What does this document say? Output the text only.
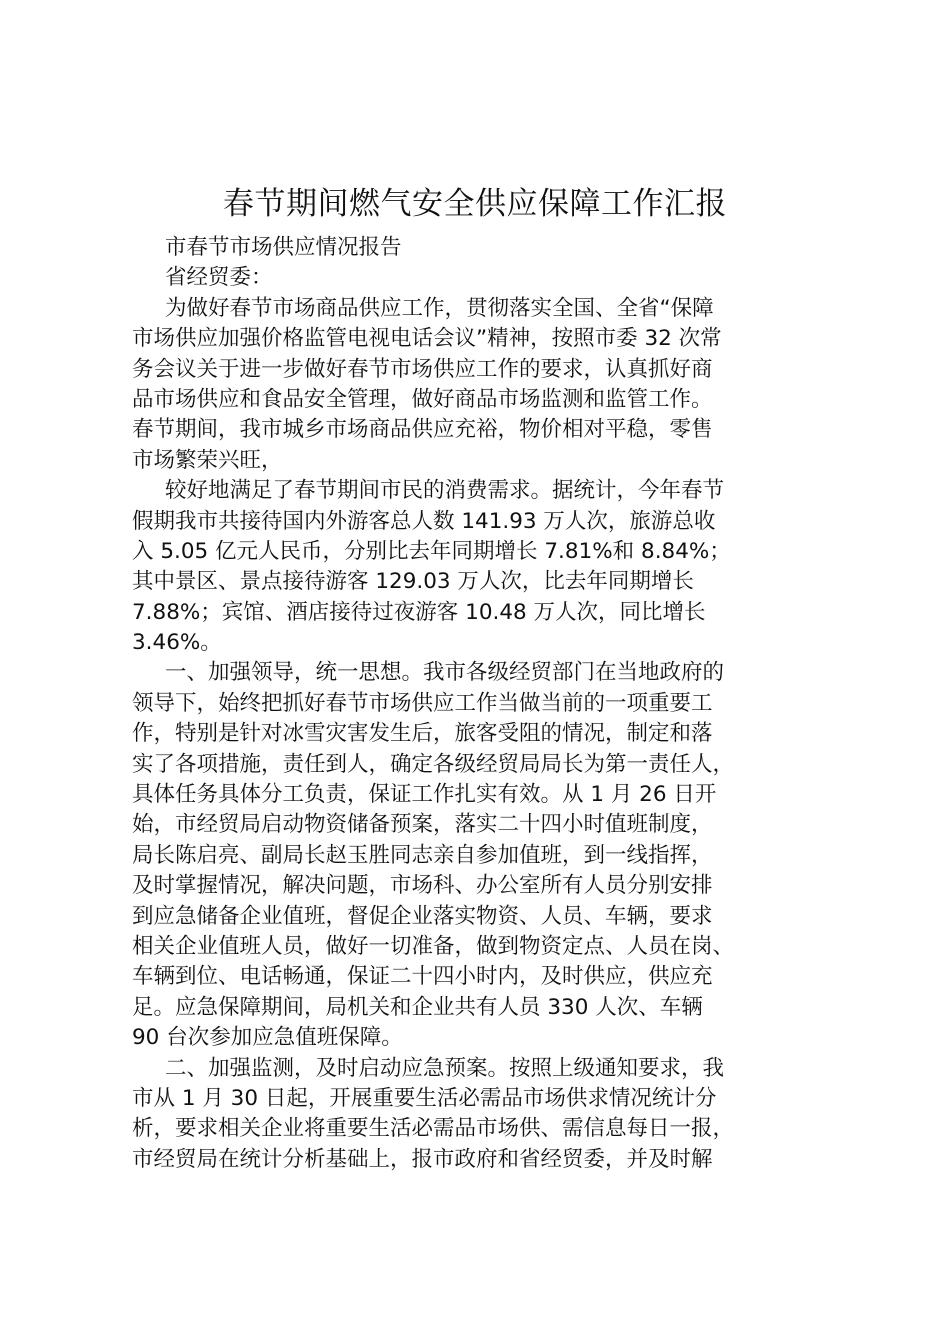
春节期间燃气安全供应保障工作汇报
市春节市场供应情况报告
省经贸委：
为做好春节市场商品供应工作，贯彻落实全国、全省“保障
市场供应加强价格监管电视电话会议”精神，按照市委 32 次常
务会议关于进一步做好春节市场供应工作的要求，认真抓好商
品市场供应和食品安全管理，做好商品市场监测和监管工作。
春节期间，我市城乡市场商品供应充裕，物价相对平稳，零售
市场繁荣兴旺，
较好地满足了春节期间市民的消费需求。据统计，今年春节
假期我市共接待国内外游客总人数 141.93 万人次，旅游总收
入 5.05 亿元人民币，分别比去年同期增长 7.81%和 8.84%；
其中景区、景点接待游客 129.03 万人次，比去年同期增长
7.88%；宾馆、酒店接待过夜游客 10.48 万人次，同比增长
3.46%。
一、加强领导，统一思想。我市各级经贸部门在当地政府的
领导下，始终把抓好春节市场供应工作当做当前的一项重要工
作，特别是针对冰雪灾害发生后，旅客受阻的情况，制定和落
实了各项措施，责任到人，确定各级经贸局局长为第一责任人，
具体任务具体分工负责，保证工作扎实有效。从 1 月 26 日开
始，市经贸局启动物资储备预案，落实二十四小时值班制度，
局长陈启亮、副局长赵玉胜同志亲自参加值班，到一线指挥，
及时掌握情况，解决问题，市场科、办公室所有人员分别安排
到应急储备企业值班，督促企业落实物资、人员、车辆，要求
相关企业值班人员，做好一切准备，做到物资定点、人员在岗、
车辆到位、电话畅通，保证二十四小时内，及时供应，供应充
足。应急保障期间，局机关和企业共有人员 330 人次、车辆
90 台次参加应急值班保障。
二、加强监测，及时启动应急预案。按照上级通知要求，我
市从 1 月 30 日起，开展重要生活必需品市场供求情况统计分
析，要求相关企业将重要生活必需品市场供、需信息每日一报，
市经贸局在统计分析基础上，报市政府和省经贸委，并及时解
